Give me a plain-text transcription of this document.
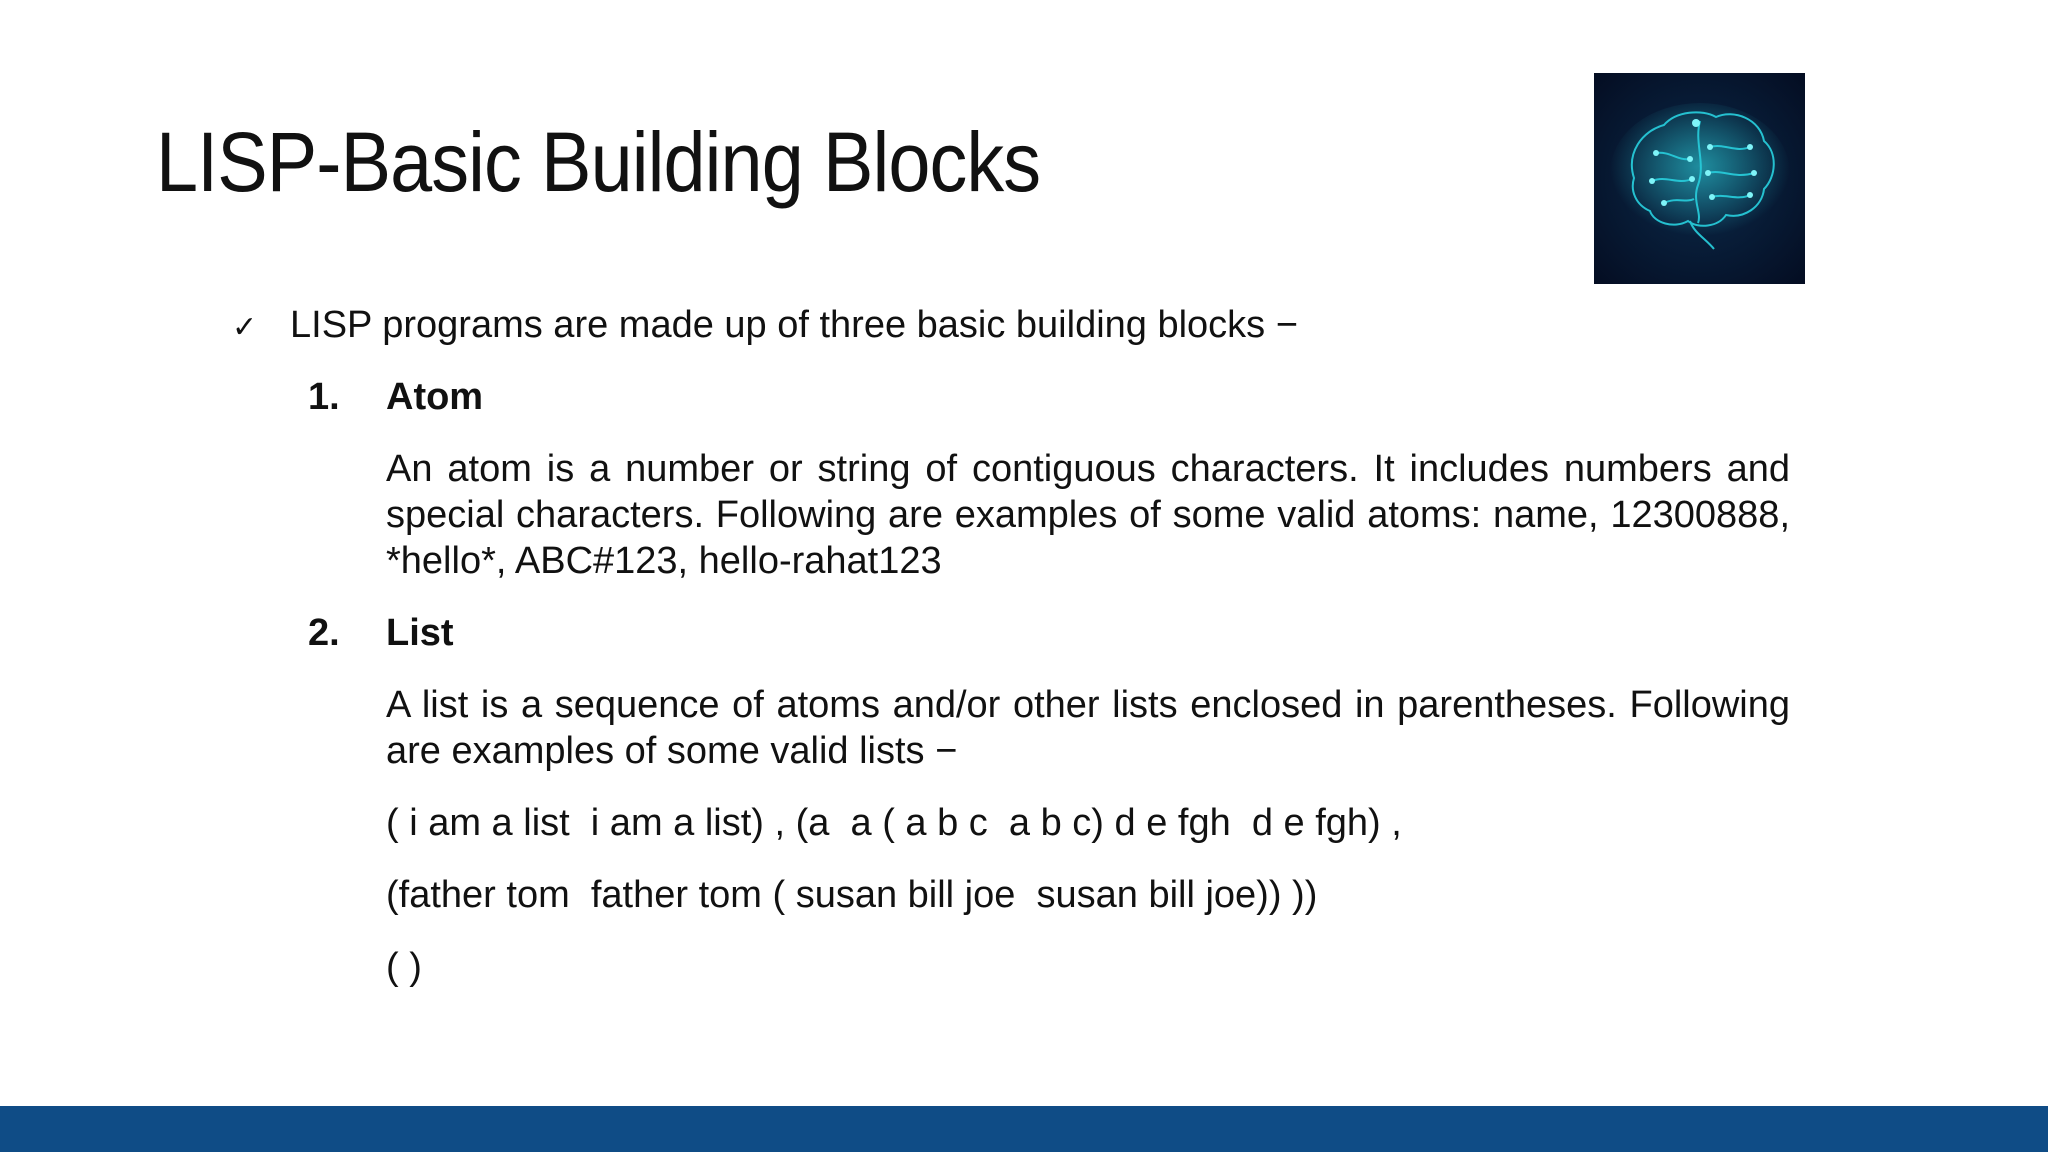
LISP-Basic Building Blocks
✓ LISP programs are made up of three basic building blocks −
1. Atom

An atom is a number or string of contiguous characters. It includes numbers and special characters. Following are examples of some valid atoms: name, 12300888, *hello*, ABC#123, hello-rahat123

2. List

A list is a sequence of atoms and/or other lists enclosed in parentheses. Following are examples of some valid lists −

( i am a list  i am a list) , (a  a ( a b c  a b c) d e fgh  d e fgh) ,
(father tom  father tom ( susan bill joe  susan bill joe)) ))
( )
